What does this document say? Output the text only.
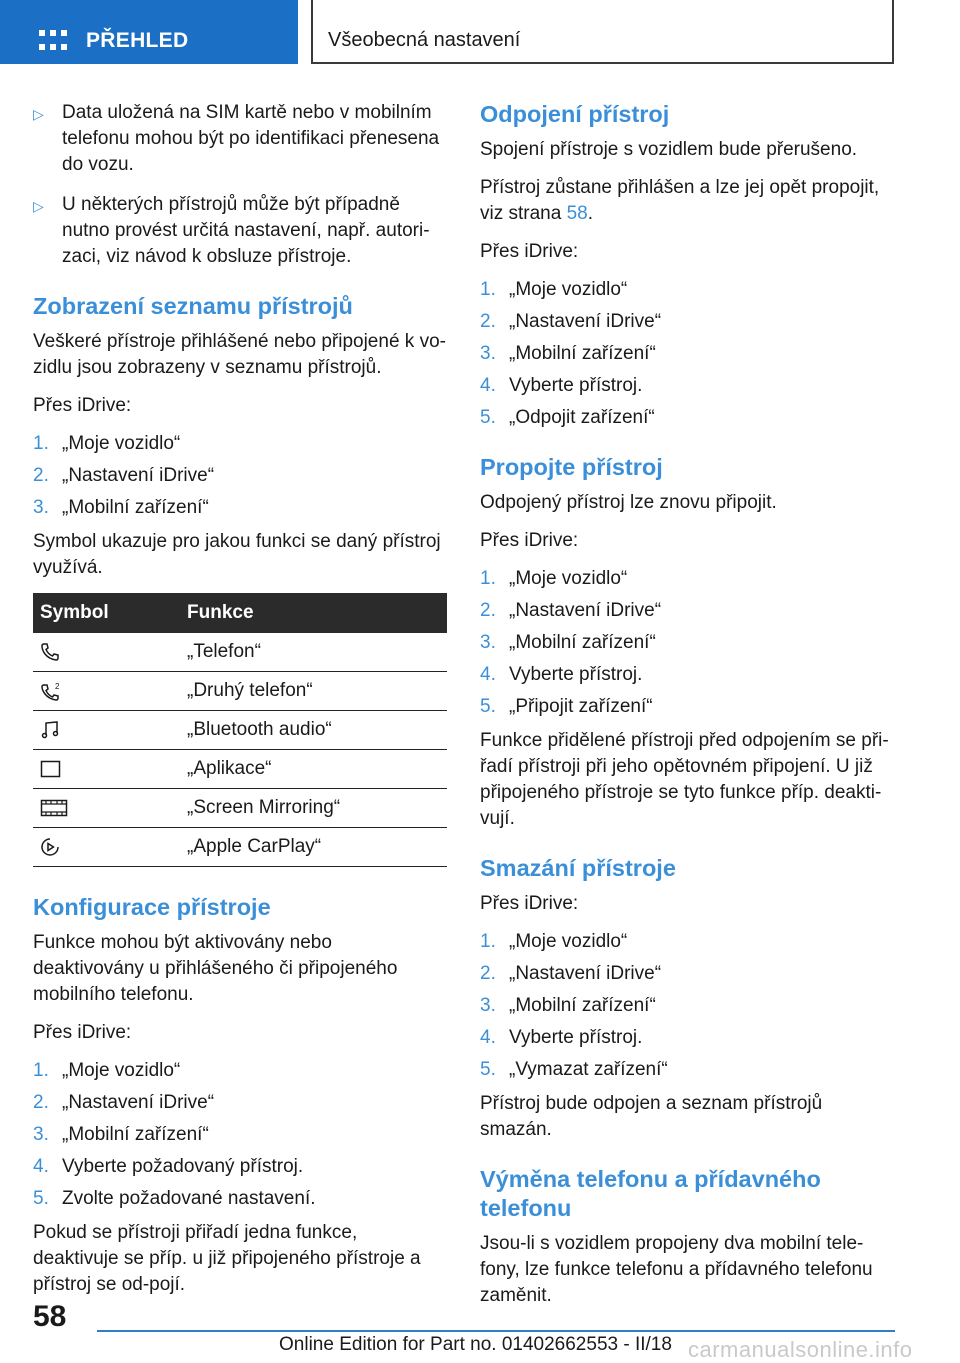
PŘEHLED	Všeobecná nastavení
▷ Data uložená na SIM kartě nebo v mobilním telefonu mohou být po identifikaci přenesena do vozu.
▷ U některých přístrojů může být případně nutno provést určitá nastavení, např. autori-zaci, viz návod k obsluze přístroje.
Zobrazení seznamu přístrojů

Veškeré přístroje přihlášené nebo připojené k vo-zidlu jsou zobrazeny v seznamu přístrojů.

Přes iDrive:

1. „Moje vozidlo“
2. „Nastavení iDrive“
3. „Mobilní zařízení“

Symbol ukazuje pro jakou funkci se daný přístroj využívá.

Symbol	Funkce

	„Telefon“

2	„Druhý telefon“

	„Bluetooth audio“

	„Aplikace“

	„Screen Mirroring“

	„Apple CarPlay“
Konfigurace přístroje

Funkce mohou být aktivovány nebo deaktivovány u přihlášeného či připojeného mobilního telefonu.

Přes iDrive:

1. „Moje vozidlo“
2. „Nastavení iDrive“
3. „Mobilní zařízení“
4. Vyberte požadovaný přístroj.
5. Zvolte požadované nastavení.

Pokud se přístroji přiřadí jedna funkce, deaktivuje se příp. u již připojeného přístroje a přístroj se od-pojí.

Odpojení přístroj

Spojení přístroje s vozidlem bude přerušeno.

Přístroj zůstane přihlášen a lze jej opět propojit, viz strana 58.

Přes iDrive:

1. „Moje vozidlo“
2. „Nastavení iDrive“
3. „Mobilní zařízení“
4. Vyberte přístroj.
5. „Odpojit zařízení“
Propojte přístroj

Odpojený přístroj lze znovu připojit.

Přes iDrive:

1. „Moje vozidlo“
2. „Nastavení iDrive“
3. „Mobilní zařízení“
4. Vyberte přístroj.
5. „Připojit zařízení“

Funkce přidělené přístroji před odpojením se při-řadí přístroji při jeho opětovném připojení. U již připojeného přístroje se tyto funkce příp. deakti-vují.

Smazání přístroje

Přes iDrive:

1. „Moje vozidlo“
2. „Nastavení iDrive“
3. „Mobilní zařízení“
4. Vyberte přístroj.
5. „Vymazat zařízení“

Přístroj bude odpojen a seznam přístrojů smazán.

Výměna telefonu a přídavného telefonu

Jsou-li s vozidlem propojeny dva mobilní tele-fony, lze funkce telefonu a přídavného telefonu zaměnit.

58
Online Edition for Part no. 01402662553 - II/18 carmanualsonline.info
